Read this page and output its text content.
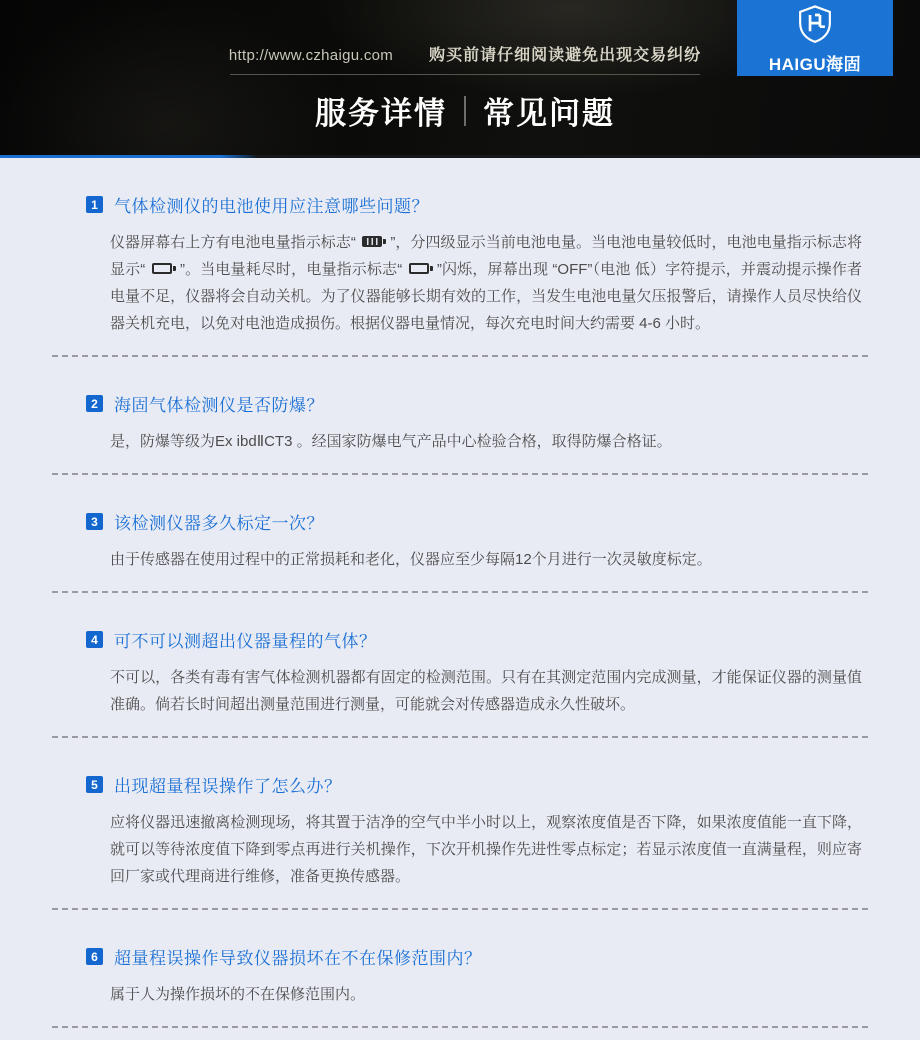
http://www.czhaigu.com 购买前请仔细阅读避免出现交易纠纷
服务详情 常见问题
HAIGU海固
1 气体检测仪的电池使用应注意哪些问题？

仪器屏幕右上方有电池电量指示标志“  ”，分四级显示当前电池电量。当电池电量较低时，电池电量指示标志将显示“  ”。当电量耗尽时，电量指示标志“  ”闪烁，屏幕出现 “OFF”（电池 低）字符提示，并震动提示操作者电量不足，仪器将会自动关机。为了仪器能够长期有效的工作，当发生电池电量欠压报警后，请操作人员尽快给仪器关机充电，以免对电池造成损伤。根据仪器电量情况，每次充电时间大约需要 4-6 小时。

2 海固气体检测仪是否防爆？

是，防爆等级为Ex ibdⅡCT3 。经国家防爆电气产品中心检验合格，取得防爆合格证。

3 该检测仪器多久标定一次？

由于传感器在使用过程中的正常损耗和老化，仪器应至少每隔12个月进行一次灵敏度标定。

4 可不可以测超出仪器量程的气体？

不可以，各类有毒有害气体检测机器都有固定的检测范围。只有在其测定范围内完成测量，才能保证仪器的测量值准确。倘若长时间超出测量范围进行测量，可能就会对传感器造成永久性破坏。

5 出现超量程误操作了怎么办？

应将仪器迅速撤离检测现场，将其置于洁净的空气中半小时以上，观察浓度值是否下降，如果浓度值能一直下降，就可以等待浓度值下降到零点再进行关机操作，下次开机操作先进性零点标定；若显示浓度值一直满量程，则应寄回厂家或代理商进行维修，准备更换传感器。

6 超量程误操作导致仪器损坏在不在保修范围内？

属于人为操作损坏的不在保修范围内。
